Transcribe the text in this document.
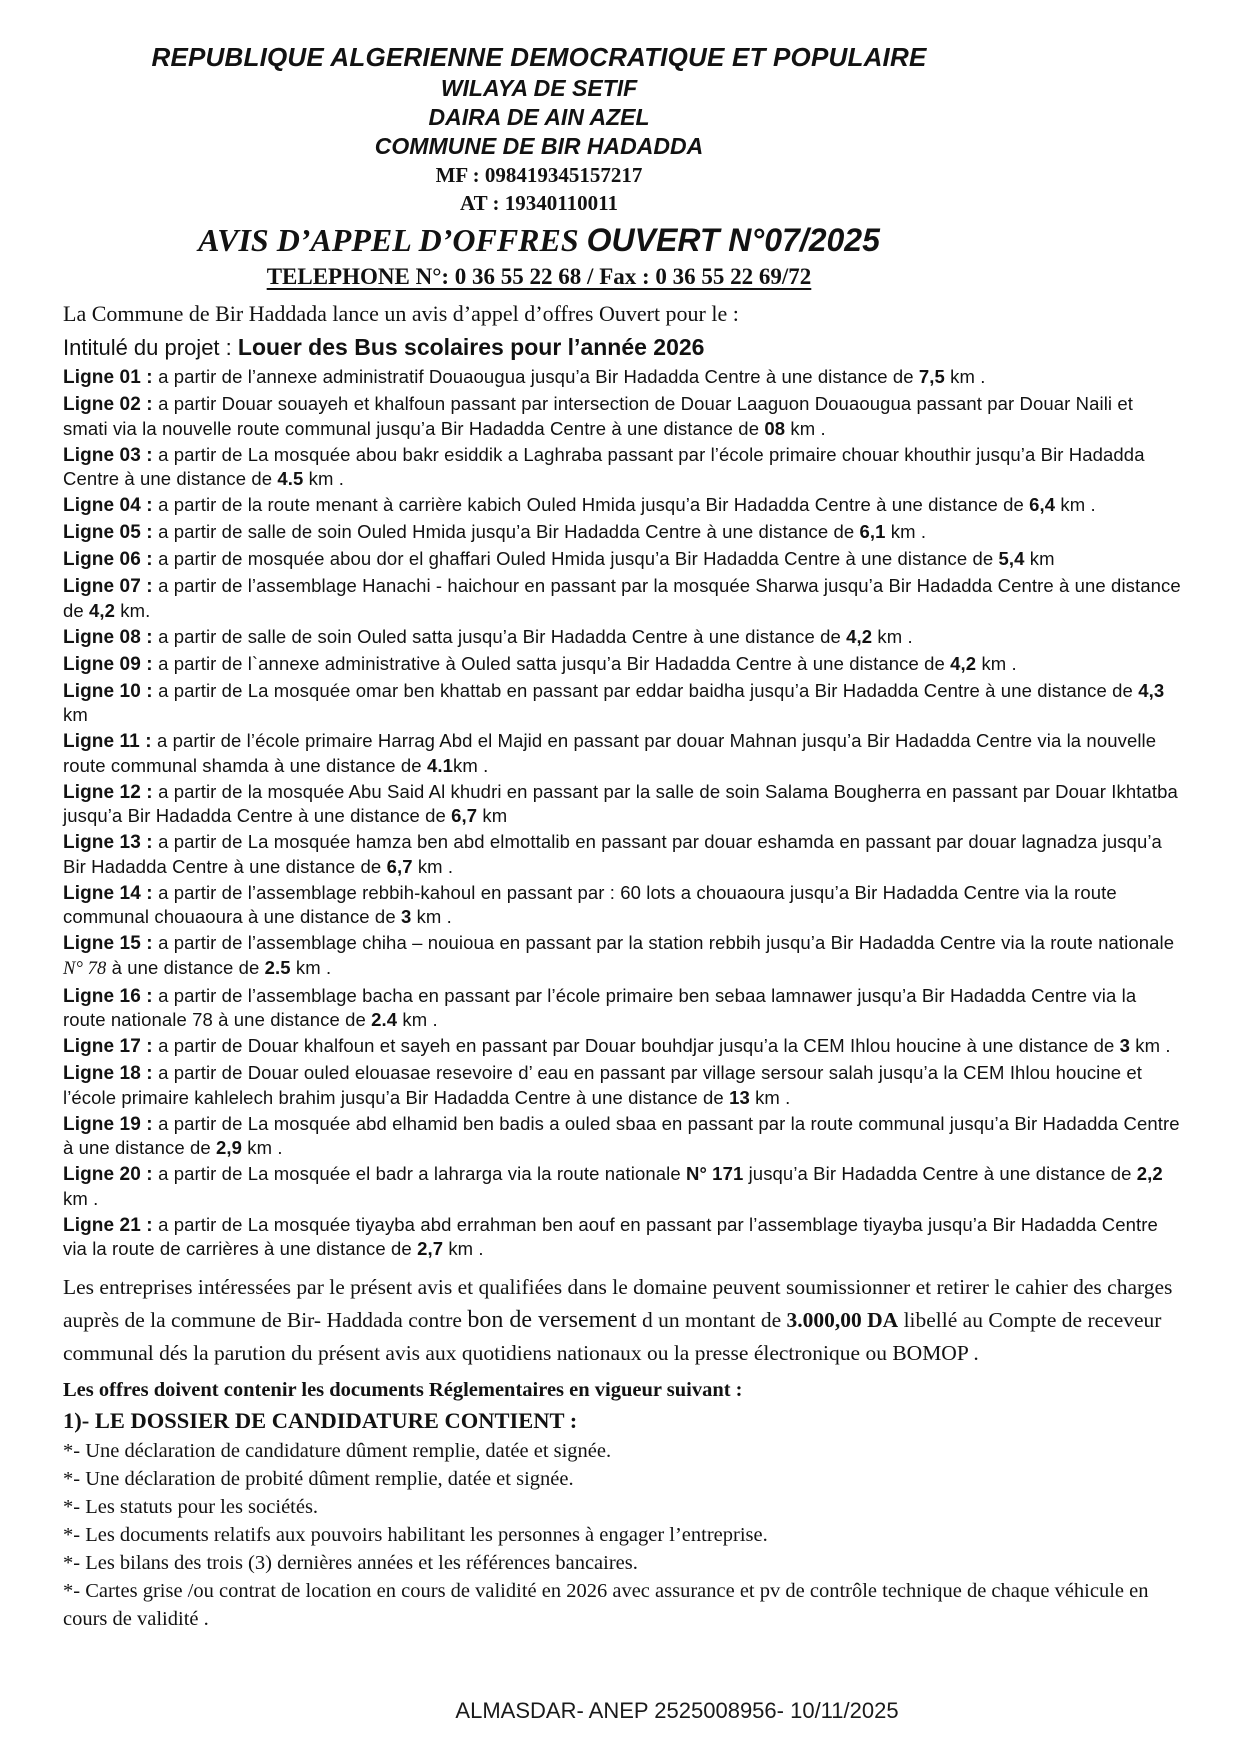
REPUBLIQUE ALGERIENNE DEMOCRATIQUE ET POPULAIRE
WILAYA DE SETIF
DAIRA DE AIN AZEL
COMMUNE DE BIR HADADDA
MF : 098419345157217
AT : 19340110011
AVIS D’APPEL D’OFFRES OUVERT N°07/2025
TELEPHONE N°: 0 36 55 22 68 / Fax : 0 36 55 22 69/72

La Commune de Bir Haddada lance un avis d’appel d’offres Ouvert pour le :

Intitulé du projet : Louer des Bus scolaires pour l’année 2026

Ligne 01 : a partir de l’annexe administratif Douaougua jusqu’a Bir Hadadda Centre à une distance de 7,5 km .

Ligne 02 : a partir Douar souayeh et khalfoun passant par intersection de Douar Laaguon Douaougua passant par Douar Naili et smati via la nouvelle route communal jusqu’a Bir Hadadda Centre à une distance de 08 km .

Ligne 03 : a partir de La mosquée abou bakr esiddik a Laghraba passant par l’école primaire chouar khouthir jusqu’a Bir Hadadda Centre à une distance de 4.5 km .

Ligne 04 : a partir de la route menant à carrière kabich Ouled Hmida jusqu’a Bir Hadadda Centre à une distance de 6,4 km .

Ligne 05 : a partir de salle de soin Ouled Hmida jusqu’a Bir Hadadda Centre à une distance de 6,1 km .

Ligne 06 : a partir de mosquée abou dor el ghaffari Ouled Hmida jusqu’a Bir Hadadda Centre à une distance de 5,4 km

Ligne 07 : a partir de l’assemblage Hanachi - haichour en passant par la mosquée Sharwa jusqu’a Bir Hadadda Centre à une distance de 4,2 km.

Ligne 08 : a partir de salle de soin Ouled satta jusqu’a Bir Hadadda Centre à une distance de 4,2 km .

Ligne 09 : a partir de l`annexe administrative à Ouled satta jusqu’a Bir Hadadda Centre à une distance de 4,2 km .

Ligne 10 : a partir de La mosquée omar ben khattab en passant par eddar baidha jusqu’a Bir Hadadda Centre à une distance de 4,3 km

Ligne 11 : a partir de l’école primaire Harrag Abd el Majid en passant par douar Mahnan jusqu’a Bir Hadadda Centre via la nouvelle route communal shamda à une distance de 4.1km .

Ligne 12 : a partir de la mosquée Abu Said Al khudri en passant par la salle de soin Salama Bougherra en passant par Douar Ikhtatba jusqu’a Bir Hadadda Centre à une distance de 6,7 km

Ligne 13 : a partir de La mosquée hamza ben abd elmottalib en passant par douar eshamda en passant par douar lagnadza jusqu’a Bir Hadadda Centre à une distance de 6,7 km .

Ligne 14 : a partir de l’assemblage rebbih-kahoul en passant par : 60 lots a chouaoura jusqu’a Bir Hadadda Centre via la route communal chouaoura à une distance de 3 km .

Ligne 15 : a partir de l’assemblage chiha – nouioua en passant par la station rebbih jusqu’a Bir Hadadda Centre via la route nationale N° 78 à une distance de 2.5 km .

Ligne 16 : a partir de l’assemblage bacha en passant par l’école primaire ben sebaa lamnawer jusqu’a Bir Hadadda Centre via la route nationale 78 à une distance de 2.4 km .

Ligne 17 : a partir de Douar khalfoun et sayeh en passant par Douar bouhdjar jusqu’a la CEM Ihlou houcine à une distance de 3 km .

Ligne 18 : a partir de Douar ouled elouasae resevoire d’ eau en passant par village sersour salah jusqu’a la CEM Ihlou houcine et l’école primaire kahlelech brahim jusqu’a Bir Hadadda Centre à une distance de 13 km .

Ligne 19 : a partir de La mosquée abd elhamid ben badis a ouled sbaa en passant par la route communal jusqu’a Bir Hadadda Centre à une distance de 2,9 km .

Ligne 20 : a partir de La mosquée el badr a lahrarga via la route nationale N° 171 jusqu’a Bir Hadadda Centre à une distance de 2,2 km .

Ligne 21 : a partir de La mosquée tiyayba abd errahman ben aouf en passant par l’assemblage tiyayba jusqu’a Bir Hadadda Centre via la route de carrières à une distance de 2,7 km .

Les entreprises intéressées par le présent avis et qualifiées dans le domaine peuvent soumissionner et retirer le cahier des charges auprès de la commune de Bir- Haddada contre bon de versement d un montant de 3.000,00 DA libellé au Compte de receveur communal dés la parution du présent avis aux quotidiens nationaux ou la presse électronique ou BOMOP .

Les offres doivent contenir les documents Réglementaires en vigueur suivant :

1)- LE DOSSIER DE CANDIDATURE CONTIENT :

*- Une déclaration de candidature dûment remplie, datée et signée.

*- Une déclaration de probité dûment remplie, datée et signée.

*- Les statuts pour les sociétés.

*- Les documents relatifs aux pouvoirs habilitant les personnes à engager l’entreprise.

*- Les bilans des trois (3) dernières années et les références bancaires.

*- Cartes grise /ou contrat de location en cours de validité en 2026 avec assurance et pv de contrôle technique de chaque véhicule en cours de validité .

ALMASDAR- ANEP 2525008956- 10/11/2025
